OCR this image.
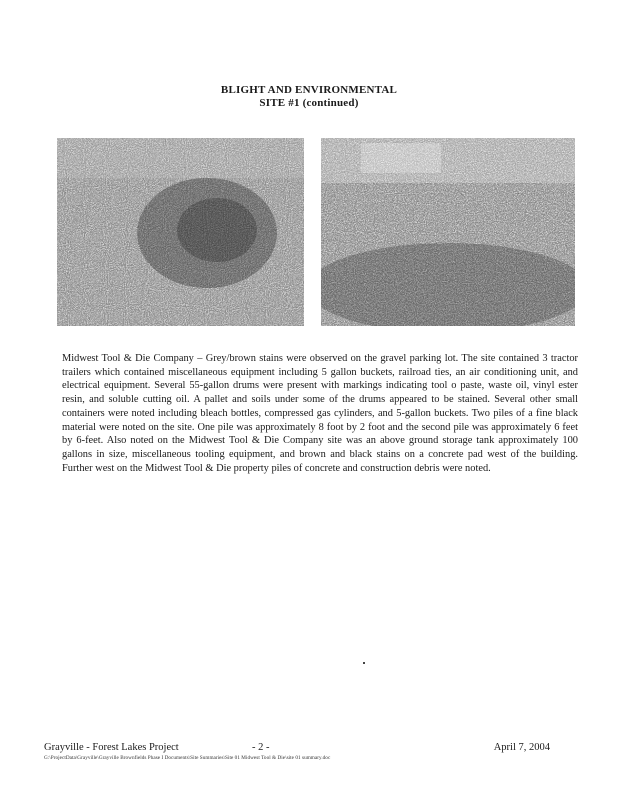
BLIGHT AND ENVIRONMENTAL
SITE #1 (continued)
Midwest Tool & Die Company – Grey/brown stains were observed on the gravel parking lot. The site contained 3 tractor trailers which contained miscellaneous equipment including 5 gallon buckets, railroad ties, an air conditioning unit, and electrical equipment. Several 55-gallon drums were present with markings indicating tool o paste, waste oil, vinyl ester resin, and soluble cutting oil. A pallet and soils under some of the drums appeared to be stained. Several other small containers were noted including bleach bottles, compressed gas cylinders, and 5-gallon buckets. Two piles of a fine black material were noted on the site. One pile was approximately 8 foot by 2 foot and the second pile was approximately 6 feet by 6-feet. Also noted on the Midwest Tool & Die Company site was an above ground storage tank approximately 100 gallons in size, miscellaneous tooling equipment, and brown and black stains on a concrete pad west of the building. Further west on the Midwest Tool & Die property piles of concrete and construction debris were noted.
Grayville - Forest Lakes Project	- 2 -	April 7, 2004
G:\ProjectData\Grayville\Grayville Brownfields Phase I Documents\Site Summaries\Site 01 Midwest Tool & Die\site 01 summary.doc
